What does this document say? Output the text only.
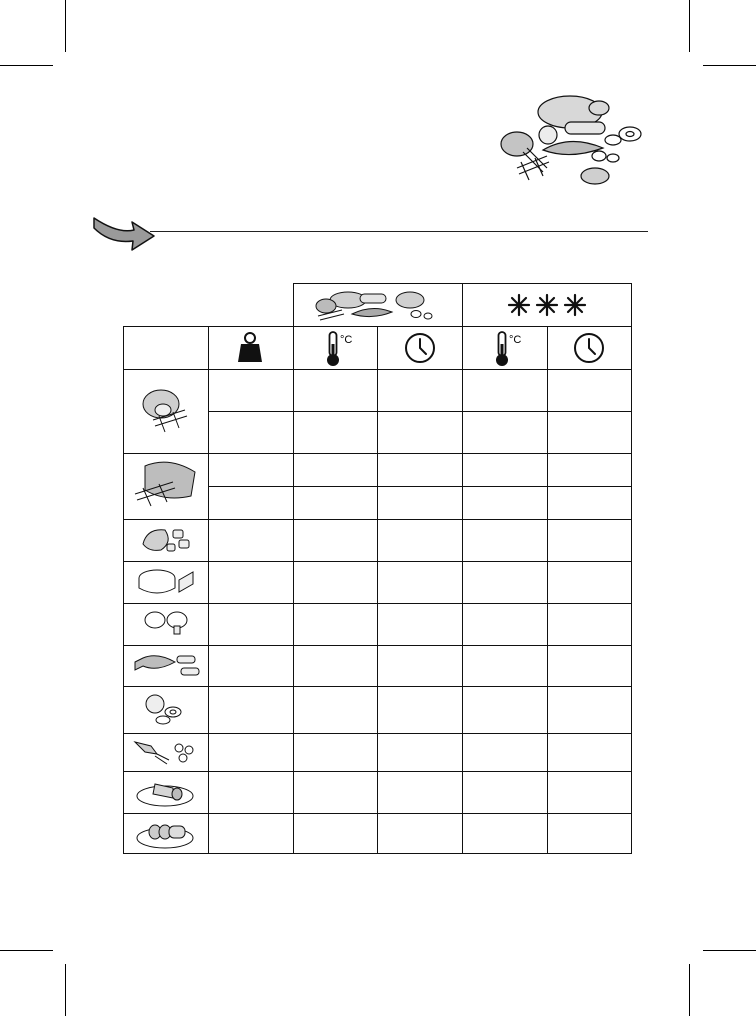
°C	°C
